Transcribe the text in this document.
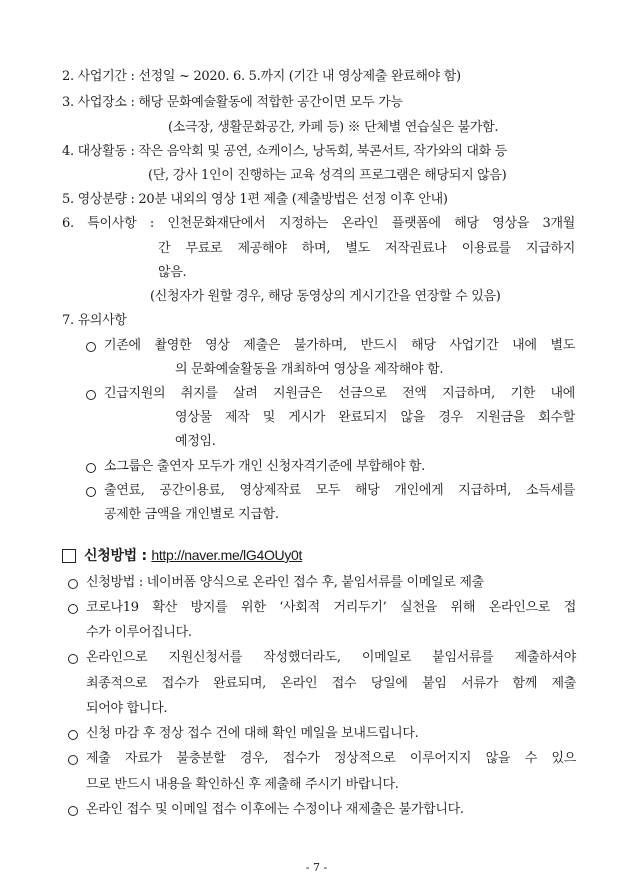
2. 사업기간 : 선정일 ~ 2020. 6. 5.까지 (기간 내 영상제출 완료해야 함)
3. 사업장소 : 해당 문화예술활동에 적합한 공간이면 모두 가능
(소극장, 생활문화공간, 카페 등) ※ 단체별 연습실은 불가함.
4. 대상활동 : 작은 음악회 및 공연, 쇼케이스, 낭독회, 북콘서트, 작가와의 대화 등
(단, 강사 1인이 진행하는 교육 성격의 프로그램은 해당되지 않음)
5. 영상분량 : 20분 내외의 영상 1편 제출 (제출방법은 선정 이후 안내)
6. 특이사항 : 인천문화재단에서 지정하는 온라인 플랫폼에 해당 영상을 3개월
간 무료로 제공해야 하며, 별도 저작권료나 이용료를 지급하지
않음.
(신청자가 원할 경우, 해당 동영상의 게시기간을 연장할 수 있음)
7. 유의사항
기존에 촬영한 영상 제출은 불가하며, 반드시 해당 사업기간 내에 별도
의 문화예술활동을 개최하여 영상을 제작해야 함.
긴급지원의 취지를 살려 지원금은 선금으로 전액 지급하며, 기한 내에
영상물 제작 및 게시가 완료되지 않을 경우 지원금을 회수할
예정임.
소그룹은 출연자 모두가 개인 신청자격기준에 부합해야 함.
출연료, 공간이용료, 영상제작료 모두 해당 개인에게 지급하며, 소득세를
공제한 금액을 개인별로 지급함.
신청방법 : http://naver.me/lG4OUy0t
신청방법 : 네이버폼 양식으로 온라인 접수 후, 붙임서류를 이메일로 제출
코로나19 확산 방지를 위한 ‘사회적 거리두기’ 실천을 위해 온라인으로 접
수가 이루어집니다.
온라인으로 지원신청서를 작성했더라도, 이메일로 붙임서류를 제출하셔야
최종적으로 접수가 완료되며, 온라인 접수 당일에 붙임 서류가 함께 제출
되어야 합니다.
신청 마감 후 정상 접수 건에 대해 확인 메일을 보내드립니다.
제출 자료가 불충분할 경우, 접수가 정상적으로 이루어지지 않을 수 있으
므로 반드시 내용을 확인하신 후 제출해 주시기 바랍니다.
온라인 접수 및 이메일 접수 이후에는 수정이나 재제출은 불가합니다.
- 7 -
